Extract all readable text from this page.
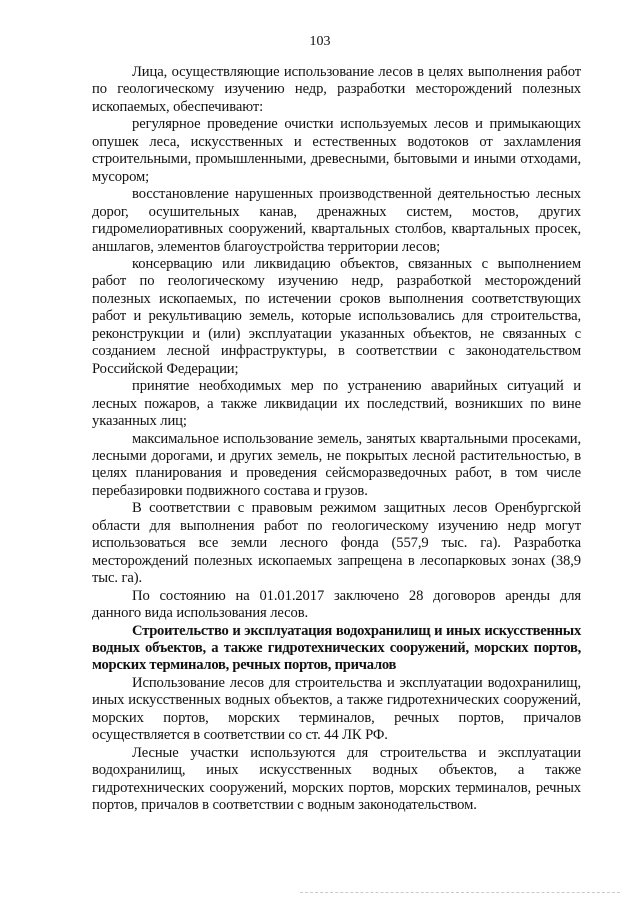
103

Лица, осуществляющие использование лесов в целях выполнения работ по геологическому изучению недр, разработки месторождений полезных ископаемых, обеспечивают:

регулярное проведение очистки используемых лесов и примыкающих опушек леса, искусственных и естественных водотоков от захламления строительными, промышленными, древесными, бытовыми и иными отходами, мусором;

восстановление нарушенных производственной деятельностью лесных дорог, осушительных канав, дренажных систем, мостов, других гидромелиоративных сооружений, квартальных столбов, квартальных просек, аншлагов, элементов благоустройства территории лесов;

консервацию или ликвидацию объектов, связанных с выполнением работ по геологическому изучению недр, разработкой месторождений полезных ископаемых, по истечении сроков выполнения соответствующих работ и рекультивацию земель, которые использовались для строительства, реконструкции и (или) эксплуатации указанных объектов, не связанных с созданием лесной инфраструктуры, в соответствии с законодательством Российской Федерации;

принятие необходимых мер по устранению аварийных ситуаций и лесных пожаров, а также ликвидации их последствий, возникших по вине указанных лиц;

максимальное использование земель, занятых квартальными просеками, лесными дорогами, и других земель, не покрытых лесной растительностью, в целях планирования и проведения сейсморазведочных работ, в том числе перебазировки подвижного состава и грузов.

В соответствии с правовым режимом защитных лесов Оренбургской области для выполнения работ по геологическому изучению недр могут использоваться все земли лесного фонда (557,9 тыс. га). Разработка месторождений полезных ископаемых запрещена в лесопарковых зонах (38,9 тыс. га).

По состоянию на 01.01.2017 заключено 28 договоров аренды для данного вида использования лесов.

Строительство и эксплуатация водохранилищ и иных искусственных водных объектов, а также гидротехнических сооружений, морских портов, морских терминалов, речных портов, причалов

Использование лесов для строительства и эксплуатации водохранилищ, иных искусственных водных объектов, а также гидротехнических сооружений, морских портов, морских терминалов, речных портов, причалов осуществляется в соответствии со ст. 44 ЛК РФ.

Лесные участки используются для строительства и эксплуатации водохранилищ, иных искусственных водных объектов, а также гидротехнических сооружений, морских портов, морских терминалов, речных портов, причалов в соответствии с водным законодательством.
